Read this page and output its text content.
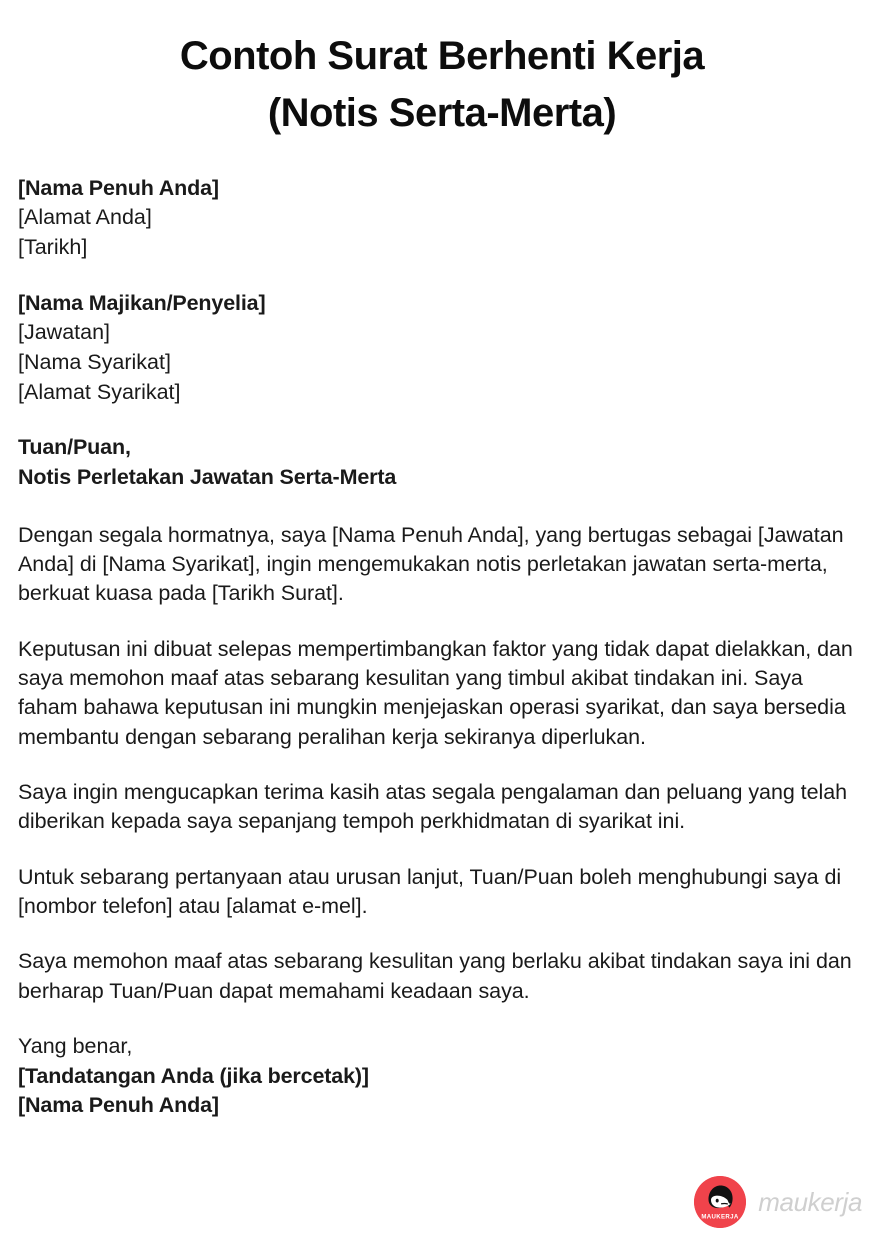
Contoh Surat Berhenti Kerja
(Notis Serta-Merta)
[Nama Penuh Anda]
[Alamat Anda]
[Tarikh]
[Nama Majikan/Penyelia]
[Jawatan]
[Nama Syarikat]
[Alamat Syarikat]
Tuan/Puan,
Notis Perletakan Jawatan Serta-Merta

Dengan segala hormatnya, saya [Nama Penuh Anda], yang bertugas sebagai [Jawatan Anda] di [Nama Syarikat], ingin mengemukakan notis perletakan jawatan serta-merta, berkuat kuasa pada [Tarikh Surat].

Keputusan ini dibuat selepas mempertimbangkan faktor yang tidak dapat dielakkan, dan saya memohon maaf atas sebarang kesulitan yang timbul akibat tindakan ini. Saya faham bahawa keputusan ini mungkin menjejaskan operasi syarikat, dan saya bersedia membantu dengan sebarang peralihan kerja sekiranya diperlukan.

Saya ingin mengucapkan terima kasih atas segala pengalaman dan peluang yang telah diberikan kepada saya sepanjang tempoh perkhidmatan di syarikat ini.

Untuk sebarang pertanyaan atau urusan lanjut, Tuan/Puan boleh menghubungi saya di [nombor telefon] atau [alamat e-mel].

Saya memohon maaf atas sebarang kesulitan yang berlaku akibat tindakan saya ini dan berharap Tuan/Puan dapat memahami keadaan saya.

Yang benar,
[Tandatangan Anda (jika bercetak)]
[Nama Penuh Anda]
MAUKERJA
maukerja
